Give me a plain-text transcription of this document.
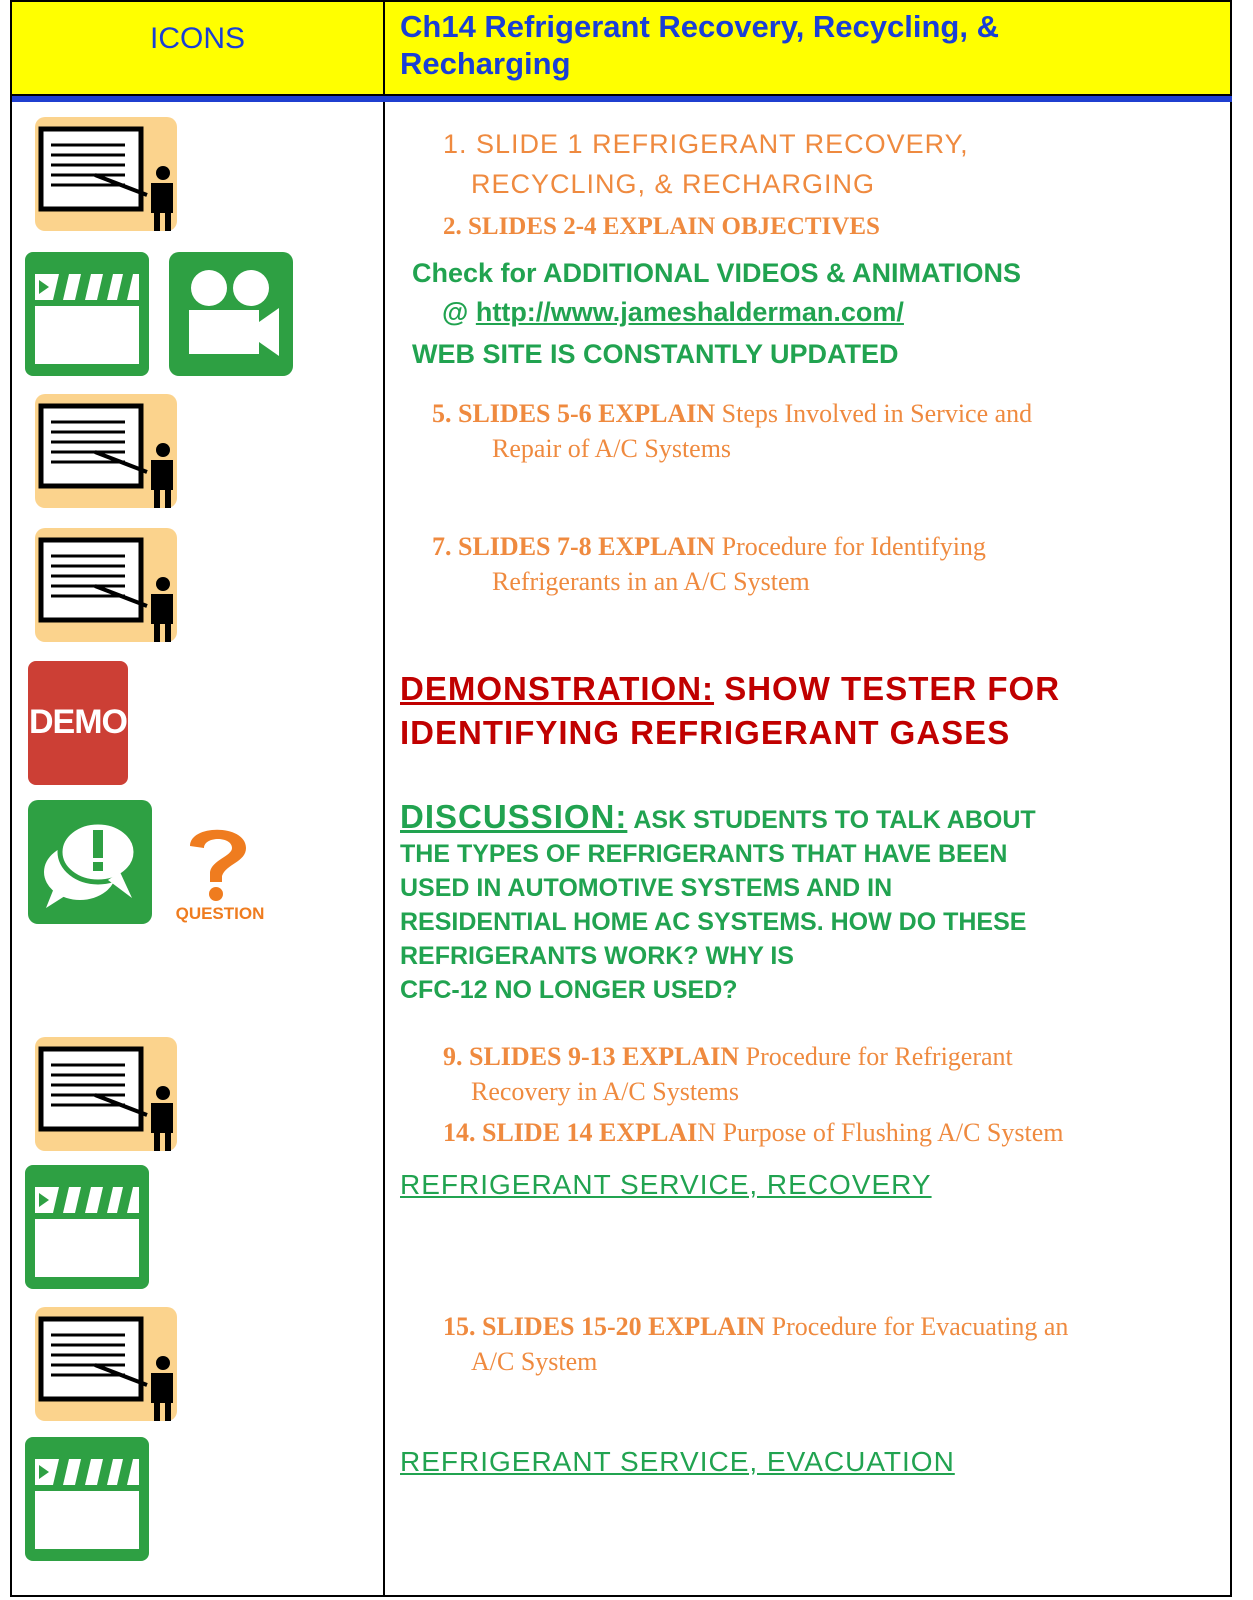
ICONS	Ch14 Refrigerant Recovery, Recycling, &
Recharging
DEMO
QUESTION
1. SLIDE 1 REFRIGERANT RECOVERY,
RECYCLING, & RECHARGING
2. SLIDES 2-4 EXPLAIN OBJECTIVES
Check for ADDITIONAL VIDEOS & ANIMATIONS
@ http://www.jameshalderman.com/
WEB SITE IS CONSTANTLY UPDATED
5. SLIDES 5-6 EXPLAIN Steps Involved in Service and
Repair of A/C Systems
7. SLIDES 7-8 EXPLAIN Procedure for Identifying
Refrigerants in an A/C System
DEMONSTRATION: SHOW TESTER FOR
IDENTIFYING REFRIGERANT GASES
DISCUSSION: ASK STUDENTS TO TALK ABOUT
THE TYPES OF REFRIGERANTS THAT HAVE BEEN
USED IN AUTOMOTIVE SYSTEMS AND IN
RESIDENTIAL HOME AC SYSTEMS. HOW DO THESE
REFRIGERANTS WORK? WHY IS
CFC-12 NO LONGER USED?
9. SLIDES 9-13 EXPLAIN Procedure for Refrigerant
Recovery in A/C Systems
14. SLIDE 14 EXPLAIN Purpose of Flushing A/C System
REFRIGERANT SERVICE, RECOVERY
15. SLIDES 15-20 EXPLAIN Procedure for Evacuating an
A/C System
REFRIGERANT SERVICE, EVACUATION
